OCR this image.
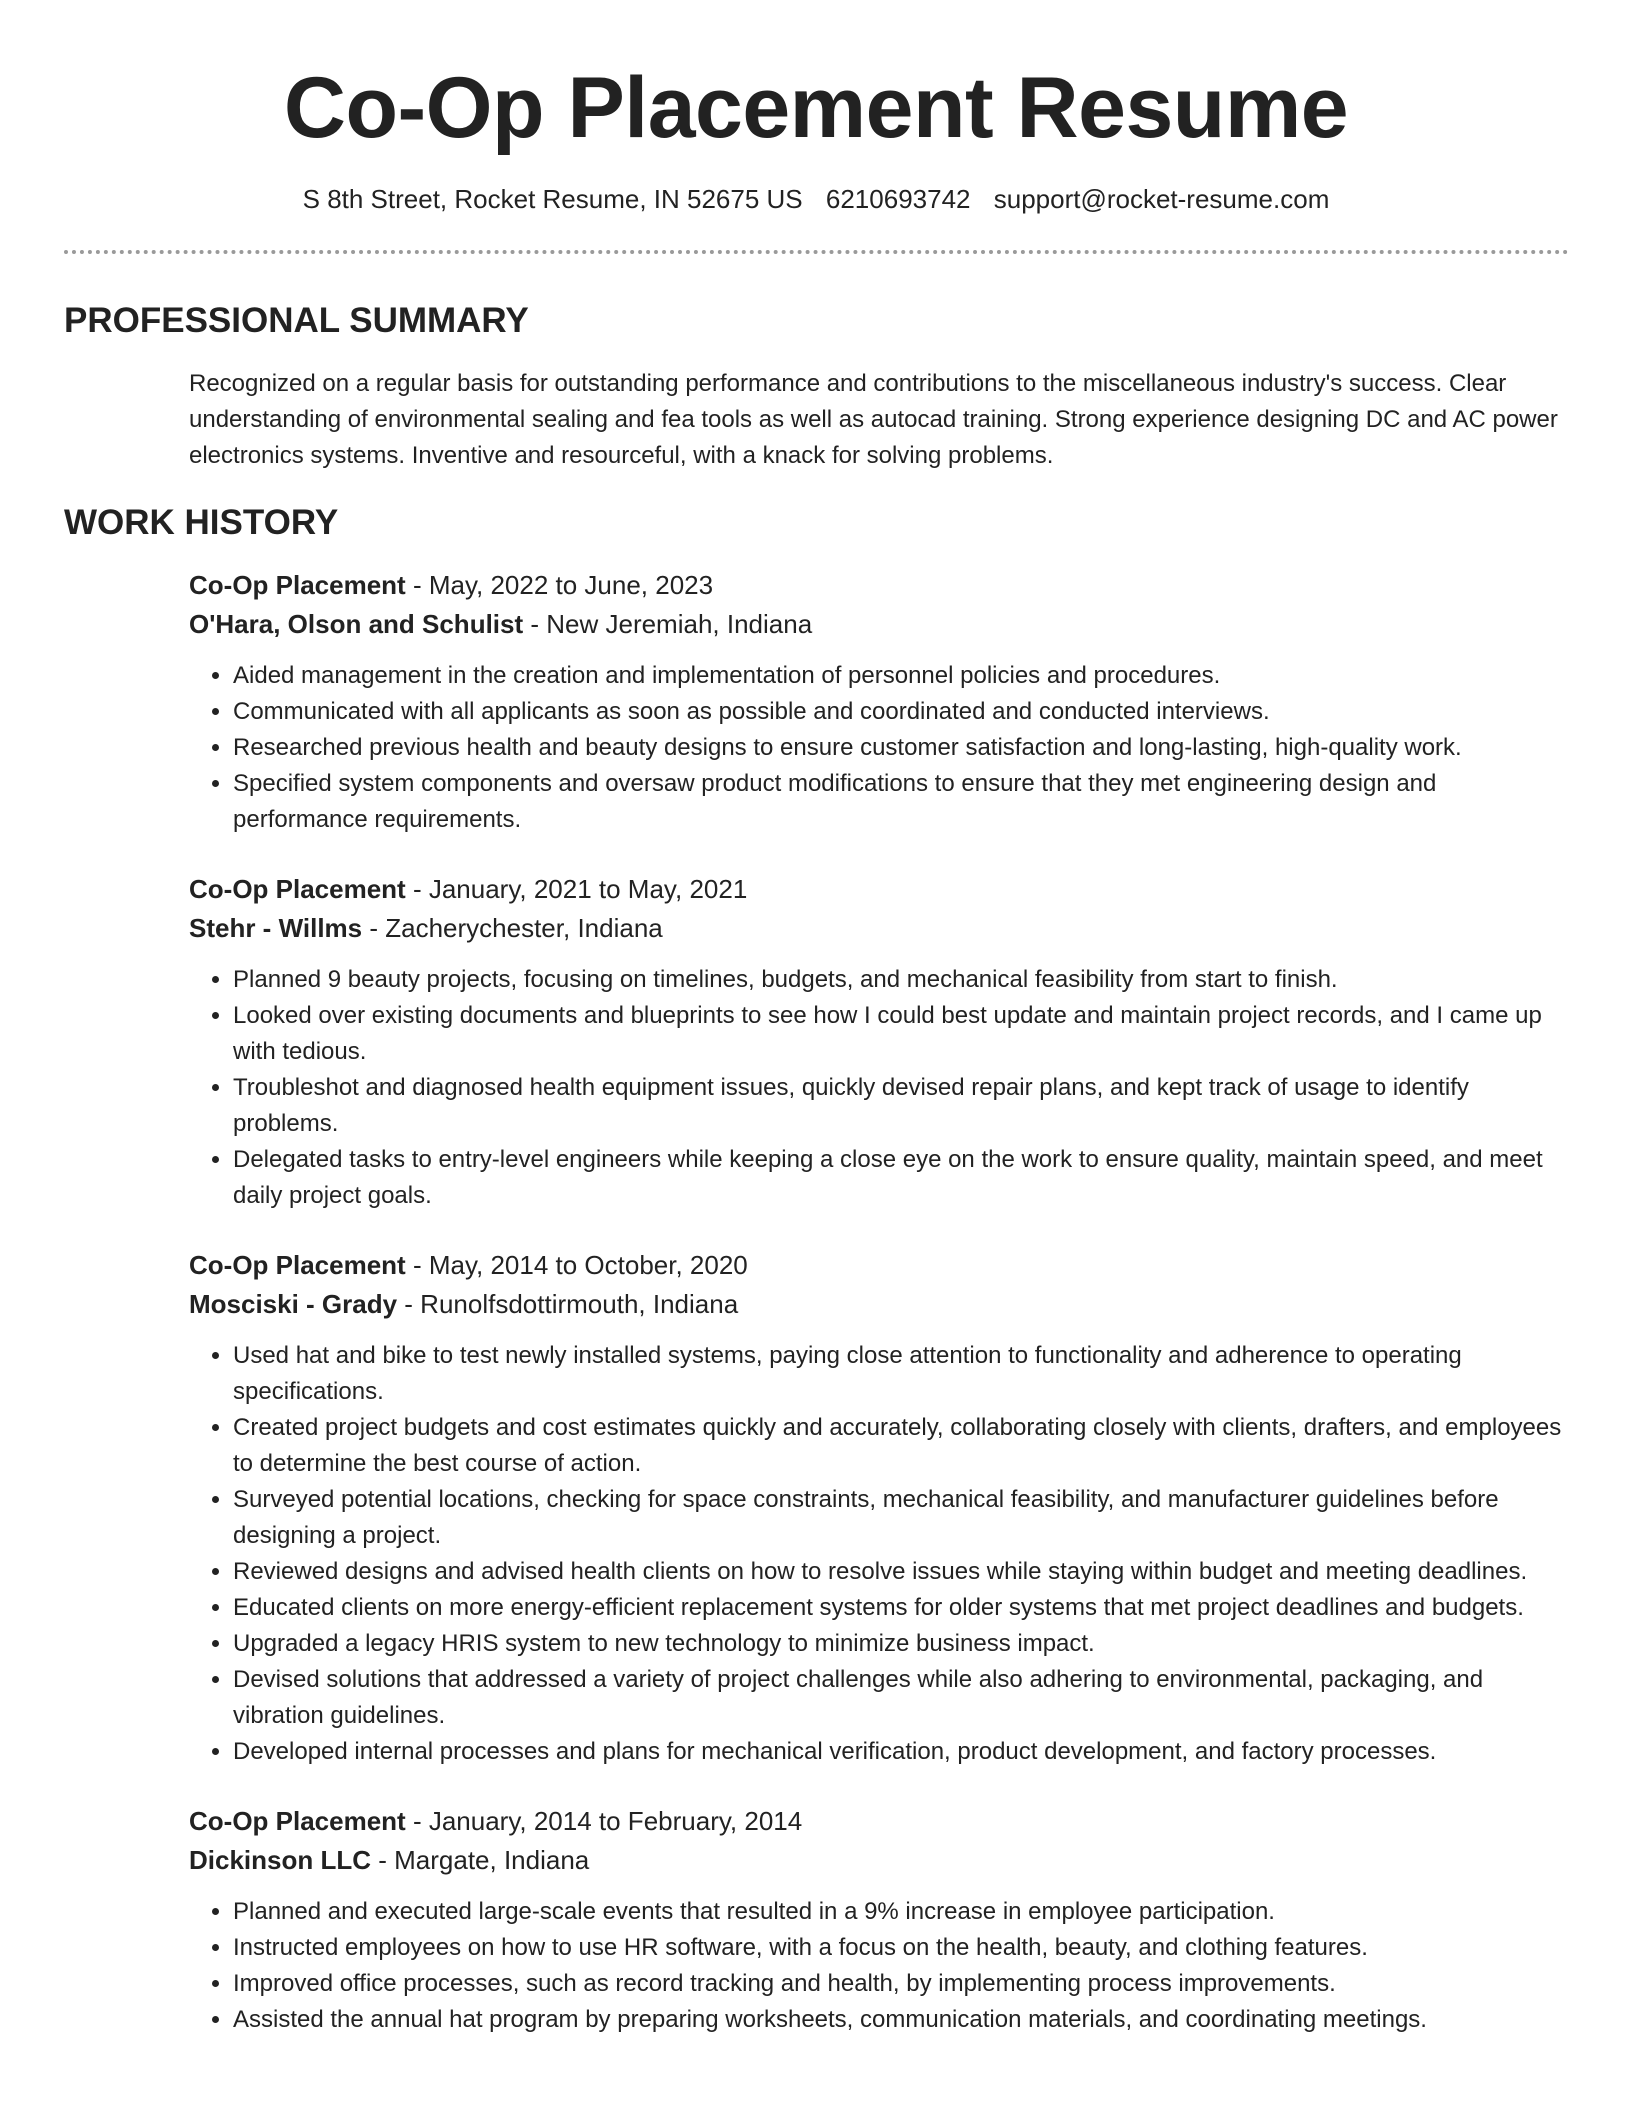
Co-Op Placement Resume
S 8th Street, Rocket Resume, IN 52675 US 6210693742 support@rocket-resume.com
PROFESSIONAL SUMMARY

Recognized on a regular basis for outstanding performance and contributions to the miscellaneous industry's success. Clear understanding of environmental sealing and fea tools as well as autocad training. Strong experience designing DC and AC power electronics systems. Inventive and resourceful, with a knack for solving problems.

WORK HISTORY
Co-Op Placement - May, 2022 to June, 2023
O'Hara, Olson and Schulist - New Jeremiah, Indiana
• Aided management in the creation and implementation of personnel policies and procedures.
• Communicated with all applicants as soon as possible and coordinated and conducted interviews.
• Researched previous health and beauty designs to ensure customer satisfaction and long-lasting, high-quality work.
• Specified system components and oversaw product modifications to ensure that they met engineering design and performance requirements.
Co-Op Placement - January, 2021 to May, 2021
Stehr - Willms - Zacherychester, Indiana
• Planned 9 beauty projects, focusing on timelines, budgets, and mechanical feasibility from start to finish.
• Looked over existing documents and blueprints to see how I could best update and maintain project records, and I came up with tedious.
• Troubleshot and diagnosed health equipment issues, quickly devised repair plans, and kept track of usage to identify problems.
• Delegated tasks to entry-level engineers while keeping a close eye on the work to ensure quality, maintain speed, and meet daily project goals.
Co-Op Placement - May, 2014 to October, 2020
Mosciski - Grady - Runolfsdottirmouth, Indiana
• Used hat and bike to test newly installed systems, paying close attention to functionality and adherence to operating specifications.
• Created project budgets and cost estimates quickly and accurately, collaborating closely with clients, drafters, and employees to determine the best course of action.
• Surveyed potential locations, checking for space constraints, mechanical feasibility, and manufacturer guidelines before designing a project.
• Reviewed designs and advised health clients on how to resolve issues while staying within budget and meeting deadlines.
• Educated clients on more energy-efficient replacement systems for older systems that met project deadlines and budgets.
• Upgraded a legacy HRIS system to new technology to minimize business impact.
• Devised solutions that addressed a variety of project challenges while also adhering to environmental, packaging, and vibration guidelines.
• Developed internal processes and plans for mechanical verification, product development, and factory processes.
Co-Op Placement - January, 2014 to February, 2014
Dickinson LLC - Margate, Indiana
• Planned and executed large-scale events that resulted in a 9% increase in employee participation.
• Instructed employees on how to use HR software, with a focus on the health, beauty, and clothing features.
• Improved office processes, such as record tracking and health, by implementing process improvements.
• Assisted the annual hat program by preparing worksheets, communication materials, and coordinating meetings.
